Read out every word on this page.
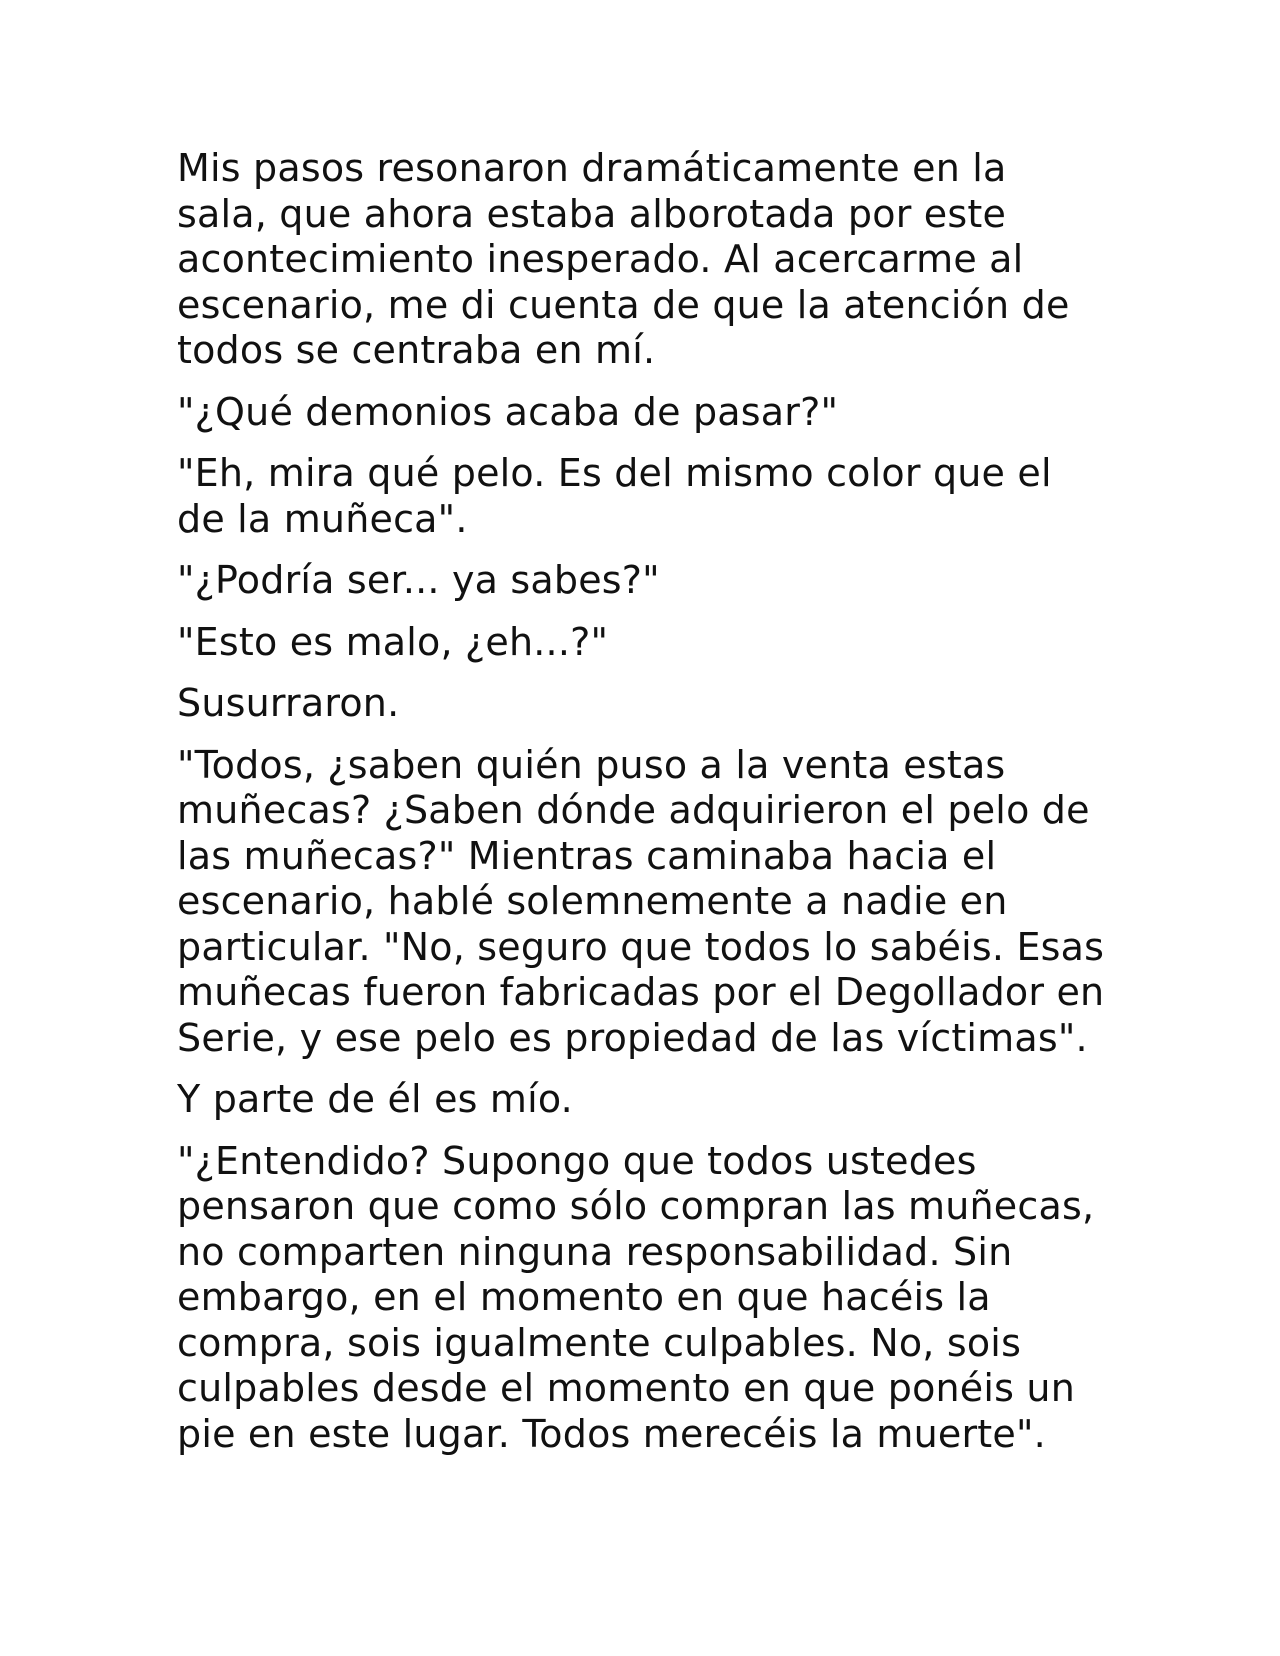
Mis pasos resonaron dramáticamente en la sala, que ahora estaba alborotada por este acontecimiento inesperado. Al acercarme al escenario, me di cuenta de que la atención de todos se centraba en mí.

"¿Qué demonios acaba de pasar?"

"Eh, mira qué pelo. Es del mismo color que el de la muñeca".

"¿Podría ser... ya sabes?"

"Esto es malo, ¿eh...?"

Susurraron.

"Todos, ¿saben quién puso a la venta estas muñecas? ¿Saben dónde adquirieron el pelo de las muñecas?" Mientras caminaba hacia el escenario, hablé solemnemente a nadie en particular. "No, seguro que todos lo sabéis. Esas muñecas fueron fabricadas por el Degollador en Serie, y ese pelo es propiedad de las víctimas".

Y parte de él es mío.

"¿Entendido? Supongo que todos ustedes pensaron que como sólo compran las muñecas, no comparten ninguna responsabilidad. Sin embargo, en el momento en que hacéis la compra, sois igualmente culpables. No, sois culpables desde el momento en que ponéis un pie en este lugar. Todos merecéis la muerte".
